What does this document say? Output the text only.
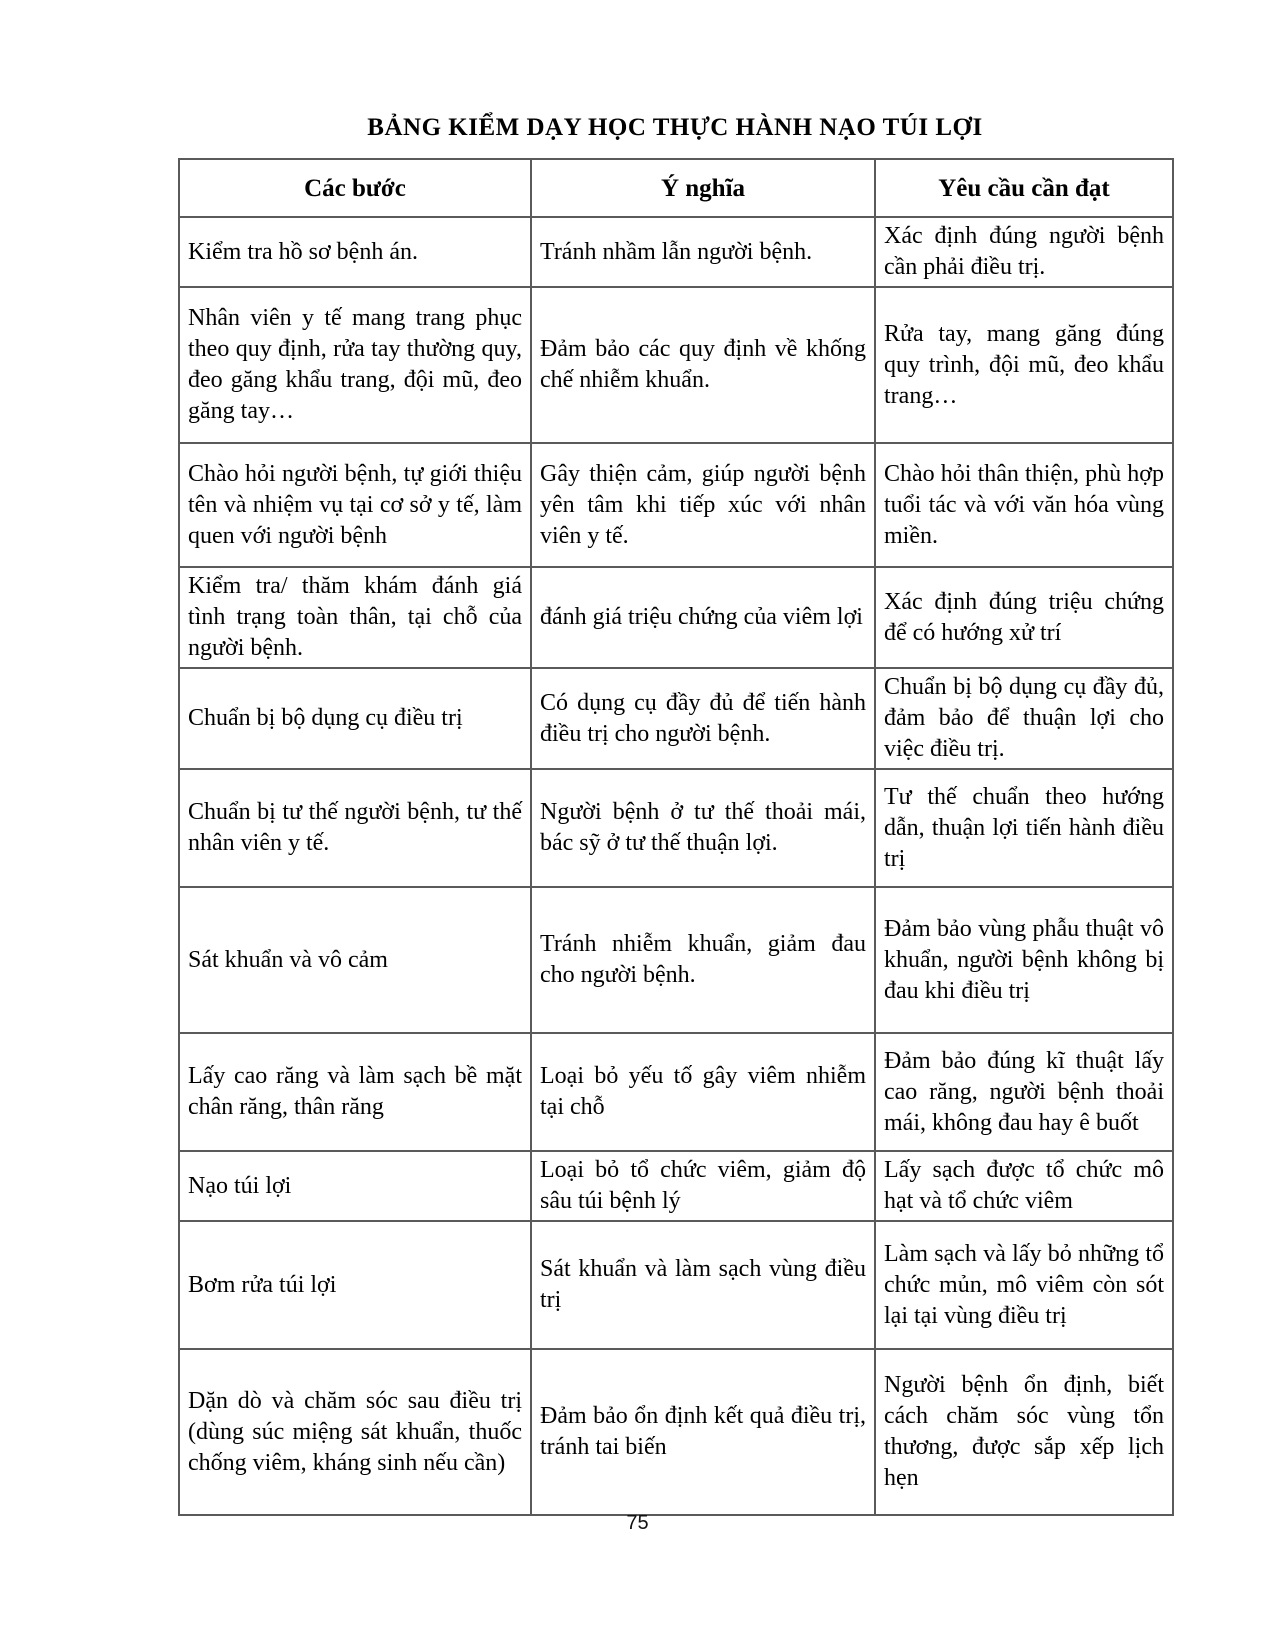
BẢNG KIỂM DẠY HỌC THỰC HÀNH NẠO TÚI LỢI
Các bước	Ý nghĩa	Yêu cầu cần đạt
Kiểm tra hồ sơ bệnh án.	Tránh nhầm lẫn người bệnh.	Xác định đúng người bệnh cần phải điều trị.
Nhân viên y tế mang trang phục theo quy định, rửa tay thường quy, đeo găng khẩu trang, đội mũ, đeo găng tay…	Đảm bảo các quy định về khống chế nhiễm khuẩn.	Rửa tay, mang găng đúng quy trình, đội mũ, đeo khẩu trang…
Chào hỏi người bệnh, tự giới thiệu tên và nhiệm vụ tại cơ sở y tế, làm quen với người bệnh	Gây thiện cảm, giúp người bệnh yên tâm khi tiếp xúc với nhân viên y tế.	Chào hỏi thân thiện, phù hợp tuổi tác và với văn hóa vùng miền.
Kiểm tra/ thăm khám đánh giá tình trạng toàn thân, tại chỗ của người bệnh.	đánh giá triệu chứng của viêm lợi	Xác định đúng triệu chứng để có hướng xử trí
Chuẩn bị bộ dụng cụ điều trị	Có dụng cụ đầy đủ để tiến hành điều trị cho người bệnh.	Chuẩn bị bộ dụng cụ đầy đủ, đảm bảo để thuận lợi cho việc điều trị.
Chuẩn bị tư thế người bệnh, tư thế nhân viên y tế.	Người bệnh ở tư thế thoải mái, bác sỹ ở tư thế thuận lợi.	Tư thế chuẩn theo hướng dẫn, thuận lợi tiến hành điều trị
Sát khuẩn và vô cảm	Tránh nhiễm khuẩn, giảm đau cho người bệnh.	Đảm bảo vùng phẫu thuật vô khuẩn, người bệnh không bị đau khi điều trị
Lấy cao răng và làm sạch bề mặt chân răng, thân răng	Loại bỏ yếu tố gây viêm nhiễm tại chỗ	Đảm bảo đúng kĩ thuật lấy cao răng, người bệnh thoải mái, không đau hay ê buốt
Nạo túi lợi	Loại bỏ tổ chức viêm, giảm độ sâu túi bệnh lý	Lấy sạch được tổ chức mô hạt và tổ chức viêm
Bơm rửa túi lợi	Sát khuẩn và làm sạch vùng điều trị	Làm sạch và lấy bỏ những tổ chức mủn, mô viêm còn sót lại tại vùng điều trị
Dặn dò và chăm sóc sau điều trị (dùng súc miệng sát khuẩn, thuốc chống viêm, kháng sinh nếu cần)	Đảm bảo ổn định kết quả điều trị, tránh tai biến	Người bệnh ổn định, biết cách chăm sóc vùng tổn thương, được sắp xếp lịch hẹn
75
